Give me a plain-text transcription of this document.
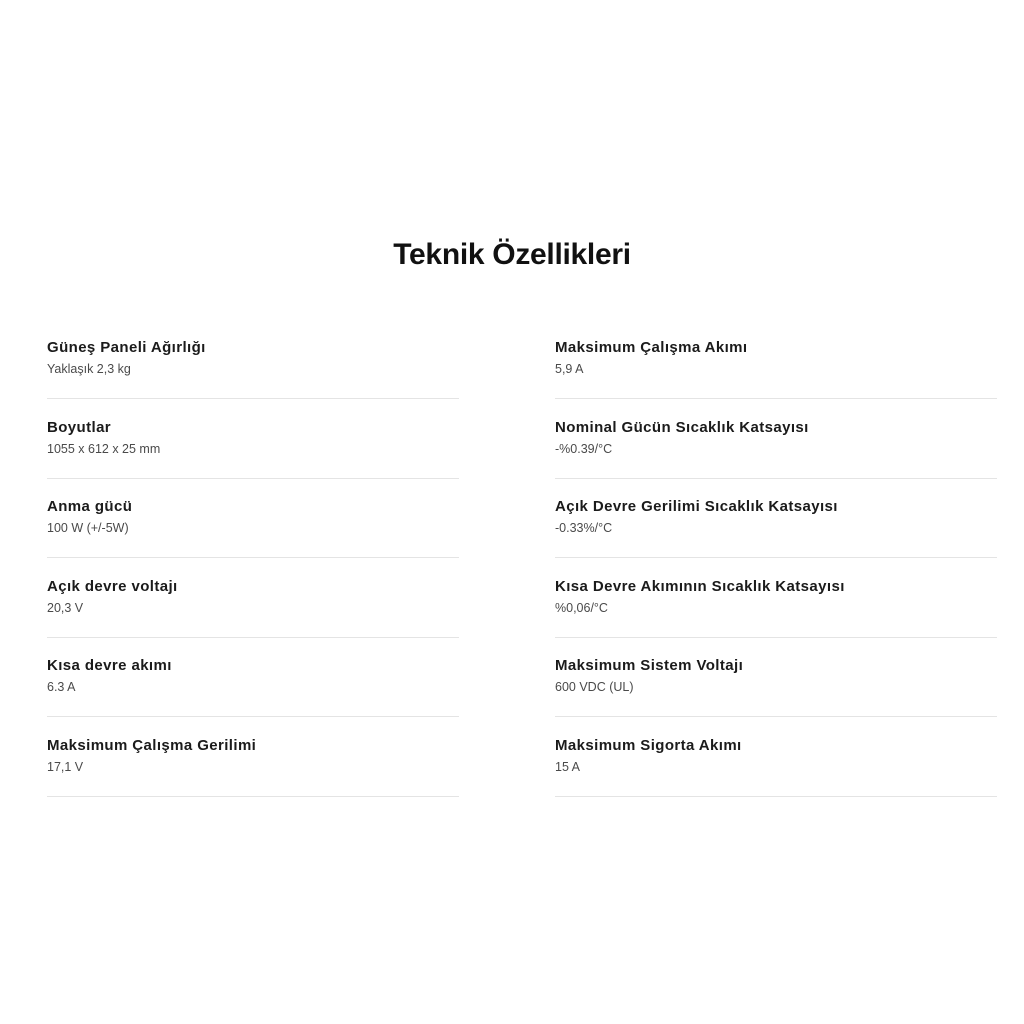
Teknik Özellikleri
Güneş Paneli Ağırlığı
Yaklaşık 2,3 kg
Boyutlar
1055 x 612 x 25 mm
Anma gücü
100 W (+/-5W)
Açık devre voltajı
20,3 V
Kısa devre akımı
6.3 A
Maksimum Çalışma Gerilimi
17,1 V
Maksimum Çalışma Akımı
5,9 A
Nominal Gücün Sıcaklık Katsayısı
-%0.39/°C
Açık Devre Gerilimi Sıcaklık Katsayısı
-0.33%/°C
Kısa Devre Akımının Sıcaklık Katsayısı
%0,06/°C
Maksimum Sistem Voltajı
600 VDC (UL)
Maksimum Sigorta Akımı
15 A
